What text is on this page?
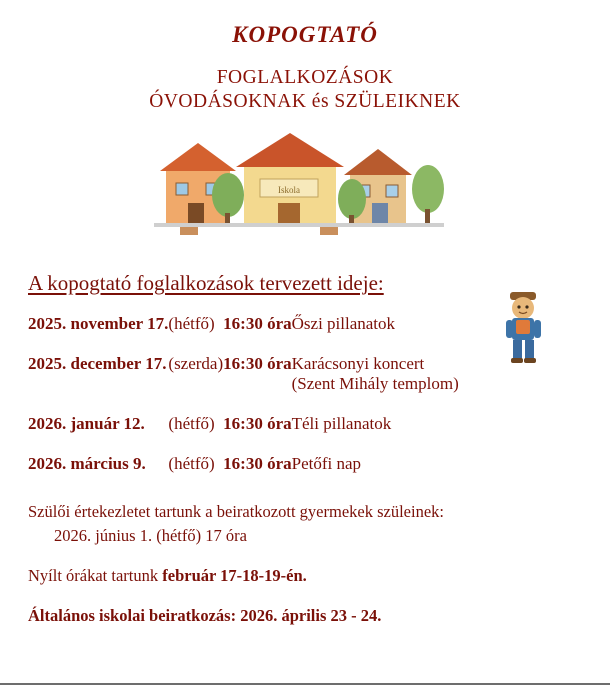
KOPOGTATÓ
FOGLALKOZÁSOK
ÓVODÁSOKNAK és SZÜLEIKNEK
Iskola
A kopogtató foglalkozások tervezett ideje:
2025. november 17.	(hétfő)	16:30 óra	Őszi pillanatok
2025. december 17.	(szerda)	16:30 óra	Karácsonyi koncert
(Szent Mihály templom)

2026. január 12.	(hétfő)	16:30 óra	Téli pillanatok
2026. március 9.	(hétfő)	16:30 óra	Petőfi nap
Szülői értekezletet tartunk a beiratkozott gyermekek szüleinek:
2026. június 1. (hétfő) 17 óra
Nyílt órákat tartunk február 17-18-19-én.
Általános iskolai beiratkozás: 2026. április 23 - 24.
